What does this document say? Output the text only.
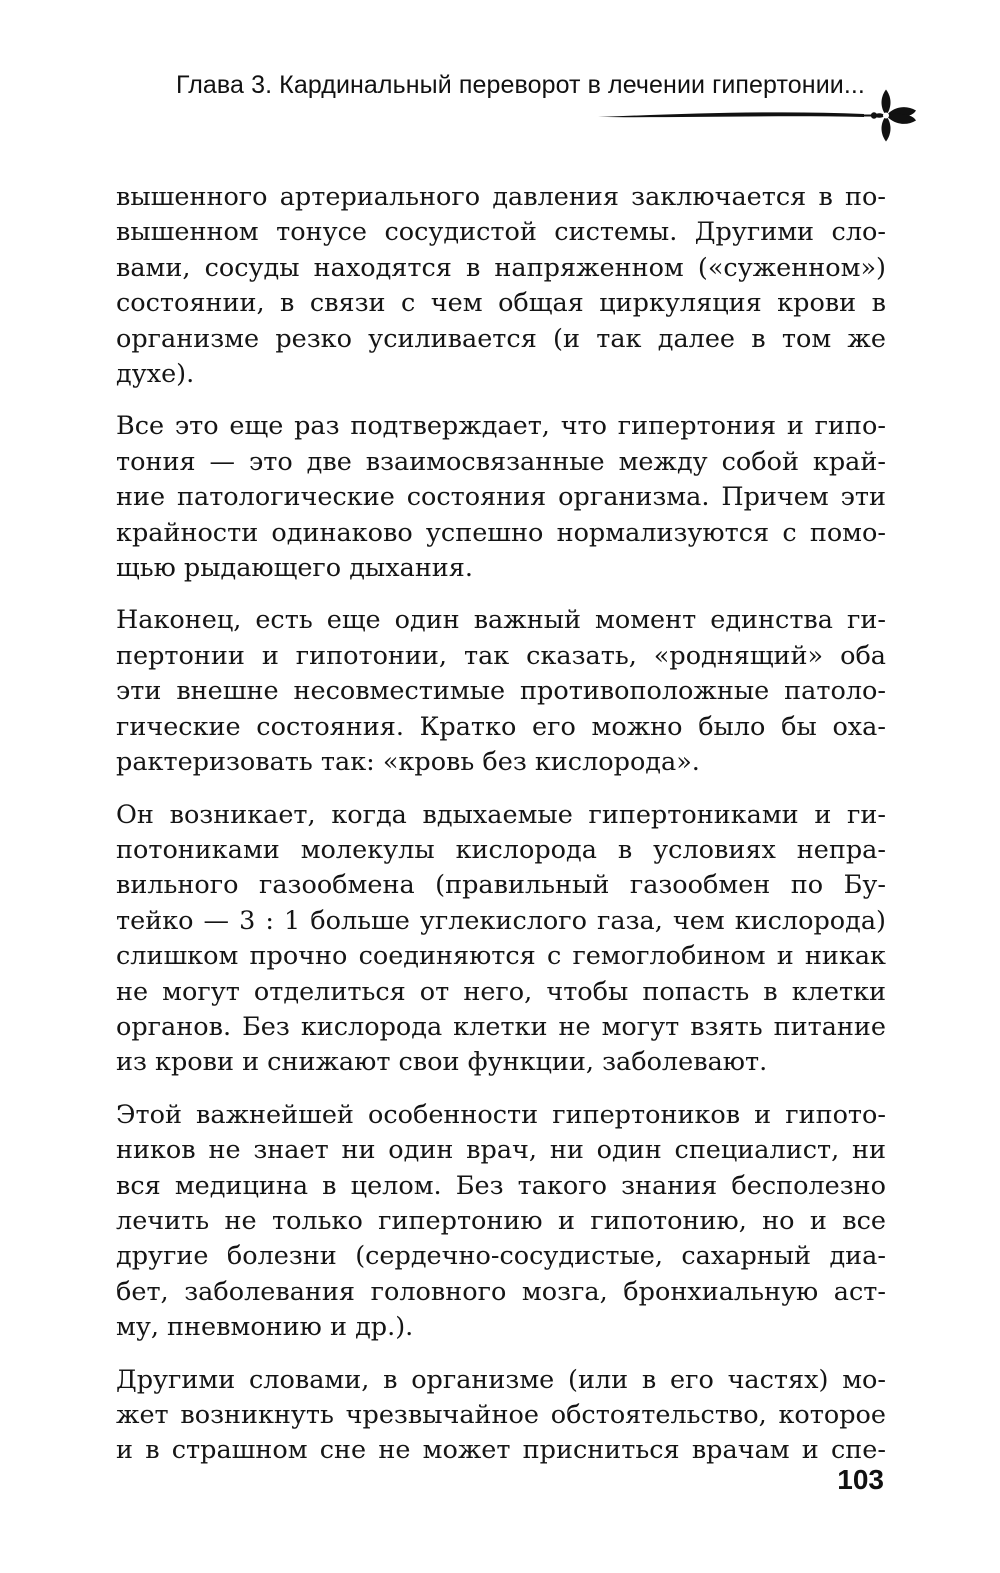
Глава 3. Кардинальный переворот в лечении гипертонии...

вышенного артериального давления заключается в по-
вышенном тонусе сосудистой системы. Другими сло-
вами, сосуды находятся в напряженном («суженном»)
состоянии, в связи с чем общая циркуляция крови в
организме резко усиливается (и так далее в том же
духе).

Все это еще раз подтверждает, что гипертония и гипо-
тония — это две взаимосвязанные между собой край-
ние патологические состояния организма. Причем эти
крайности одинаково успешно нормализуются с помо-
щью рыдающего дыхания.

Наконец, есть еще один важный момент единства ги-
пертонии и гипотонии, так сказать, «роднящий» оба
эти внешне несовместимые противоположные патоло-
гические состояния. Кратко его можно было бы оха-
рактеризовать так: «кровь без кислорода».

Он возникает, когда вдыхаемые гипертониками и ги-
потониками молекулы кислорода в условиях непра-
вильного газообмена (правильный газообмен по Бу-
тейко — 3 : 1 больше углекислого газа, чем кислорода)
слишком прочно соединяются с гемоглобином и никак
не могут отделиться от него, чтобы попасть в клетки
органов. Без кислорода клетки не могут взять питание
из крови и снижают свои функции, заболевают.

Этой важнейшей особенности гипертоников и гипото-
ников не знает ни один врач, ни один специалист, ни
вся медицина в целом. Без такого знания бесполезно
лечить не только гипертонию и гипотонию, но и все
другие болезни (сердечно-сосудистые, сахарный диа-
бет, заболевания головного мозга, бронхиальную аст-
му, пневмонию и др.).

Другими словами, в организме (или в его частях) мо-
жет возникнуть чрезвычайное обстоятельство, которое
и в страшном сне не может присниться врачам и спе-

103
